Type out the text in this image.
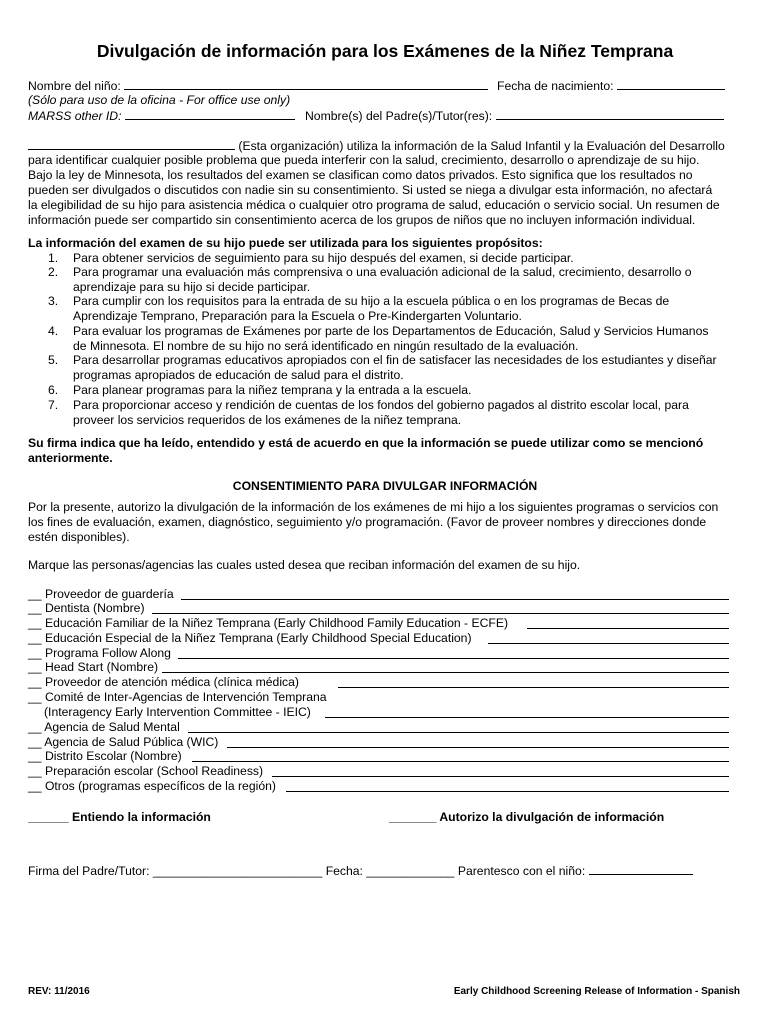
Divulgación de información para los Exámenes de la Niñez Temprana
Nombre del niño:	Fecha de nacimiento:
(Sólo para uso de la oficina - For office use only)
MARSS other ID:	Nombre(s) del Padre(s)/Tutor(res):
(Esta organización) utiliza la información de la Salud Infantil y la Evaluación del Desarrollo
para identificar cualquier posible problema que pueda interferir con la salud, crecimiento, desarrollo o aprendizaje de su hijo.
Bajo la ley de Minnesota, los resultados del examen se clasifican como datos privados. Esto significa que los resultados no
pueden ser divulgados o discutidos con nadie sin su consentimiento. Si usted se niega a divulgar esta información, no afectará
la elegibilidad de su hijo para asistencia médica o cualquier otro programa de salud, educación o servicio social. Un resumen de
información puede ser compartido sin consentimiento acerca de los grupos de niños que no incluyen información individual.
La información del examen de su hijo puede ser utilizada para los siguientes propósitos:
1. Para obtener servicios de seguimiento para su hijo después del examen, si decide participar.
2. Para programar una evaluación más comprensiva o una evaluación adicional de la salud, crecimiento, desarrollo o
aprendizaje para su hijo si decide participar.
3. Para cumplir con los requisitos para la entrada de su hijo a la escuela pública o en los programas de Becas de
Aprendizaje Temprano, Preparación para la Escuela o Pre-Kindergarten Voluntario.
4. Para evaluar los programas de Exámenes por parte de los Departamentos de Educación, Salud y Servicios Humanos
de Minnesota. El nombre de su hijo no será identificado en ningún resultado de la evaluación.
5. Para desarrollar programas educativos apropiados con el fin de satisfacer las necesidades de los estudiantes y diseñar
programas apropiados de educación de salud para el distrito.
6. Para planear programas para la niñez temprana y la entrada a la escuela.
7. Para proporcionar acceso y rendición de cuentas de los fondos del gobierno pagados al distrito escolar local, para
proveer los servicios requeridos de los exámenes de la niñez temprana.
Su firma indica que ha leído, entendido y está de acuerdo en que la información se puede utilizar como se mencionó
anteriormente.
CONSENTIMIENTO PARA DIVULGAR INFORMACIÓN
Por la presente, autorizo la divulgación de la información de los exámenes de mi hijo a los siguientes programas o servicios con
los fines de evaluación, examen, diagnóstico, seguimiento y/o programación. (Favor de proveer nombres y direcciones donde
estén disponibles).
Marque las personas/agencias las cuales usted desea que reciban información del examen de su hijo.
__ Proveedor de guardería
__ Dentista (Nombre)
__ Educación Familiar de la Niñez Temprana (Early Childhood Family Education - ECFE)
__ Educación Especial de la Niñez Temprana (Early Childhood Special Education)
__ Programa Follow Along
__ Head Start (Nombre)
__ Proveedor de atención médica (clínica médica)
__ Comité de Inter-Agencias de Intervención Temprana
(Interagency Early Intervention Committee - IEIC)
__ Agencia de Salud Mental
__ Agencia de Salud Pública (WIC)
__ Distrito Escolar (Nombre)
__ Preparación escolar (School Readiness)
__ Otros (programas específicos de la región)
______ Entiendo la información	_______ Autorizo la divulgación de información
Firma del Padre/Tutor: _________________________ Fecha: _____________ Parentesco con el niño:
REV: 11/2016	Early Childhood Screening Release of Information - Spanish
